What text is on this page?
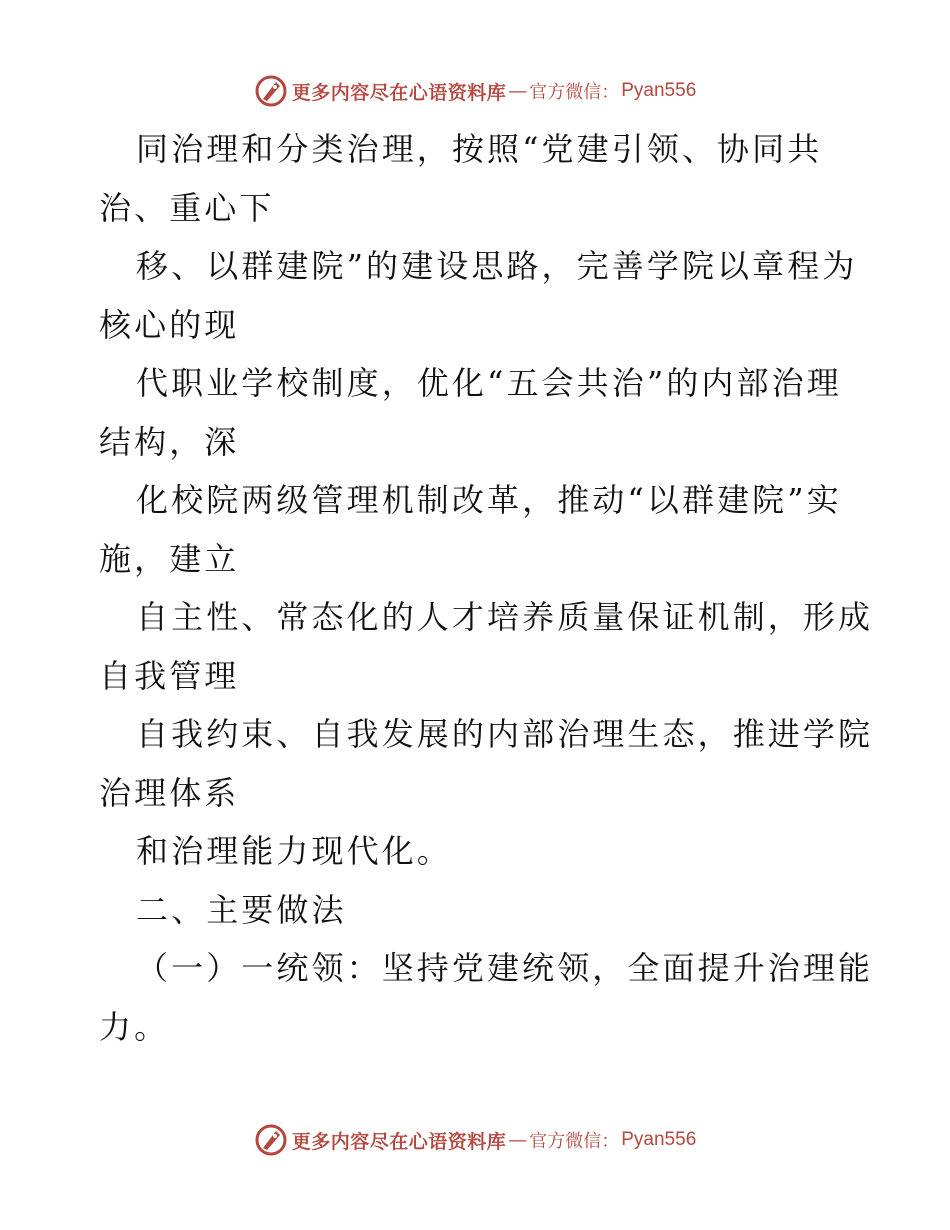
更多内容尽在心语资料库 — 官方微信： Pyan556
同治理和分类治理，按照“党建引领、协同共
治、重心下
移、以群建院”的建设思路，完善学院以章程为
核心的现
代职业学校制度，优化“五会共治”的内部治理
结构，深
化校院两级管理机制改革，推动“以群建院”实
施，建立
自主性、常态化的人才培养质量保证机制，形成
自我管理
自我约束、自我发展的内部治理生态，推进学院
治理体系
和治理能力现代化。
二、主要做法
（一）一统领：坚持党建统领，全面提升治理能
力。
更多内容尽在心语资料库 — 官方微信： Pyan556
